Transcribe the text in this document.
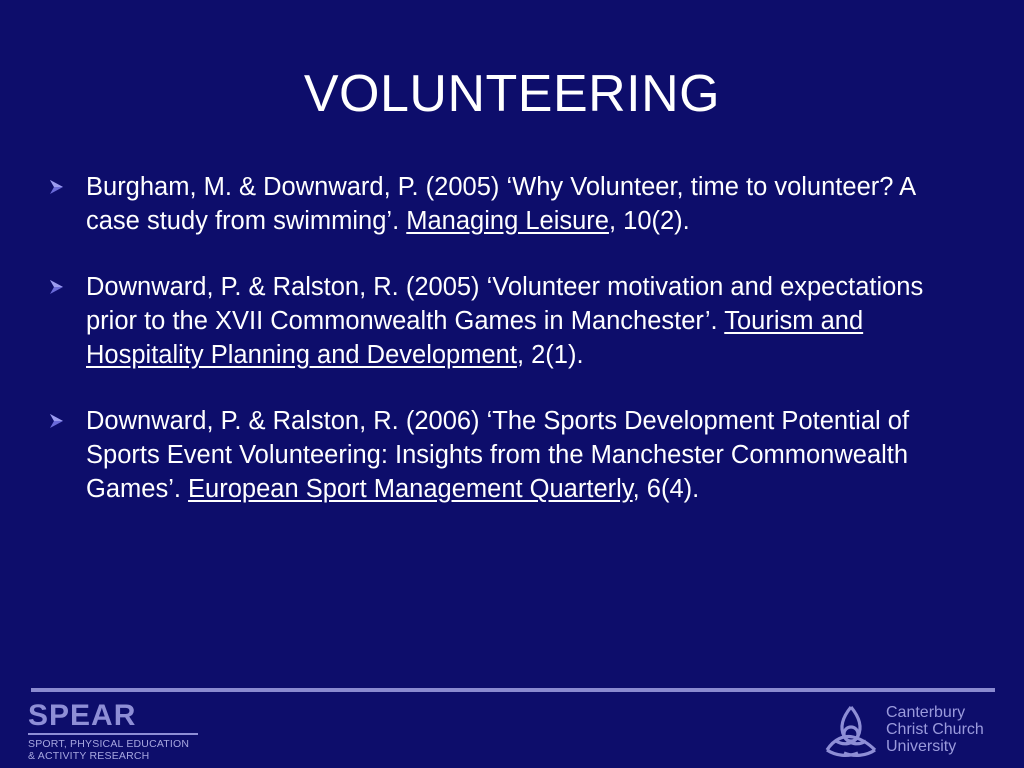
VOLUNTEERING
Burgham, M. & Downward, P. (2005) ‘Why Volunteer, time to volunteer? A case study from swimming’. Managing Leisure, 10(2).
Downward, P. & Ralston, R. (2005) ‘Volunteer motivation and expectations prior to the XVII Commonwealth Games in Manchester’. Tourism and Hospitality Planning and Development, 2(1).
Downward, P. & Ralston, R. (2006) ‘The Sports Development Potential of Sports Event Volunteering: Insights from the Manchester Commonwealth Games’. European Sport Management Quarterly, 6(4).
SPEAR
SPORT, PHYSICAL EDUCATION
& ACTIVITY RESEARCH
Canterbury
Christ Church
University
